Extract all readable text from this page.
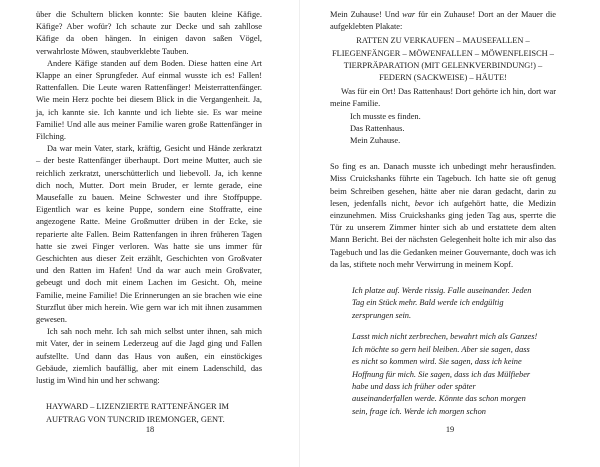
über die Schultern blicken konnte: Sie bauten kleine Käfige. Käfige? Aber wofür? Ich schaute zur Decke und sah zahllose Käfige da oben hängen. In einigen davon saßen Vögel, verwahrloste Möwen, staubverklebte Tauben.

Andere Käfige standen auf dem Boden. Diese hatten eine Art Klappe an einer Sprungfeder. Auf einmal wusste ich es! Fallen! Rattenfallen. Die Leute waren Rattenfänger! Meisterrattenfänger. Wie mein Herz pochte bei diesem Blick in die Vergangenheit. Ja, ja, ich kannte sie. Ich kannte und ich liebte sie. Es war meine Familie! Und alle aus meiner Familie waren große Rattenfänger in Filching.

Da war mein Vater, stark, kräftig, Gesicht und Hände zerkratzt – der beste Rattenfänger überhaupt. Dort meine Mutter, auch sie reichlich zerkratzt, unerschütterlich und liebevoll. Ja, ich kenne dich noch, Mutter. Dort mein Bruder, er lernte gerade, eine Mausefalle zu bauen. Meine Schwester und ihre Stoffpuppe. Eigentlich war es keine Puppe, sondern eine Stoffratte, eine angezogene Ratte. Meine Großmutter drüben in der Ecke, sie reparierte alte Fallen. Beim Rattenfangen in ihren früheren Tagen hatte sie zwei Finger verloren. Was hatte sie uns immer für Geschichten aus dieser Zeit erzählt, Geschichten von Großvater und den Ratten im Hafen! Und da war auch mein Großvater, gebeugt und doch mit einem Lachen im Gesicht. Oh, meine Familie, meine Familie! Die Erinnerungen an sie brachen wie eine Sturzflut über mich herein. Wie gern war ich mit ihnen zusammen gewesen.

Ich sah noch mehr. Ich sah mich selbst unter ihnen, sah mich mit Vater, der in seinem Lederzeug auf die Jagd ging und Fallen aufstellte. Und dann das Haus von außen, ein einstöckiges Gebäude, ziemlich baufällig, aber mit einem Ladenschild, das lustig im Wind hin und her schwang:

HAYWARD – LIZENZIERTE RATTENFÄNGER IM AUFTRAG VON TUNCRID IREMONGER, GENT.
18

Mein Zuhause! Und war für ein Zuhause! Dort an der Mauer die aufgeklebten Plakate:

RATTEN ZU VERKAUFEN – MAUSEFALLEN – FLIEGENFÄNGER – MÖWENFALLEN – MÖWENFLEISCH – TIERPRÄPARATION (MIT GELENKVERBINDUNG!) – FEDERN (SACKWEISE) – HÄUTE!

Was für ein Ort! Das Rattenhaus! Dort gehörte ich hin, dort war meine Familie.

Ich musste es finden.
Das Rattenhaus.
Mein Zuhause.

So fing es an. Danach musste ich unbedingt mehr herausfinden. Miss Cruickshanks führte ein Tagebuch. Ich hatte sie oft genug beim Schreiben gesehen, hätte aber nie daran gedacht, darin zu lesen, jedenfalls nicht, bevor ich aufgehört hatte, die Medizin einzunehmen. Miss Cruickshanks ging jeden Tag aus, sperrte die Tür zu unserem Zimmer hinter sich ab und erstattete dem alten Mann Bericht. Bei der nächsten Gelegenheit holte ich mir also das Tagebuch und las die Gedanken meiner Gouvernante, doch was ich da las, stiftete noch mehr Verwirrung in meinem Kopf.

Ich platze auf. Werde rissig. Falle auseinander. Jeden Tag ein Stück mehr. Bald werde ich endgültig zersprungen sein.
Lasst mich nicht zerbrechen, bewahrt mich als Ganzes! Ich möchte so gern heil bleiben. Aber sie sagen, dass es nicht so kommen wird. Sie sagen, dass ich keine Hoffnung für mich. Sie sagen, dass ich das Mülfieber habe und dass ich früher oder später auseinanderfallen werde. Könnte das schon morgen sein, frage ich. Werde ich morgen schon
19
